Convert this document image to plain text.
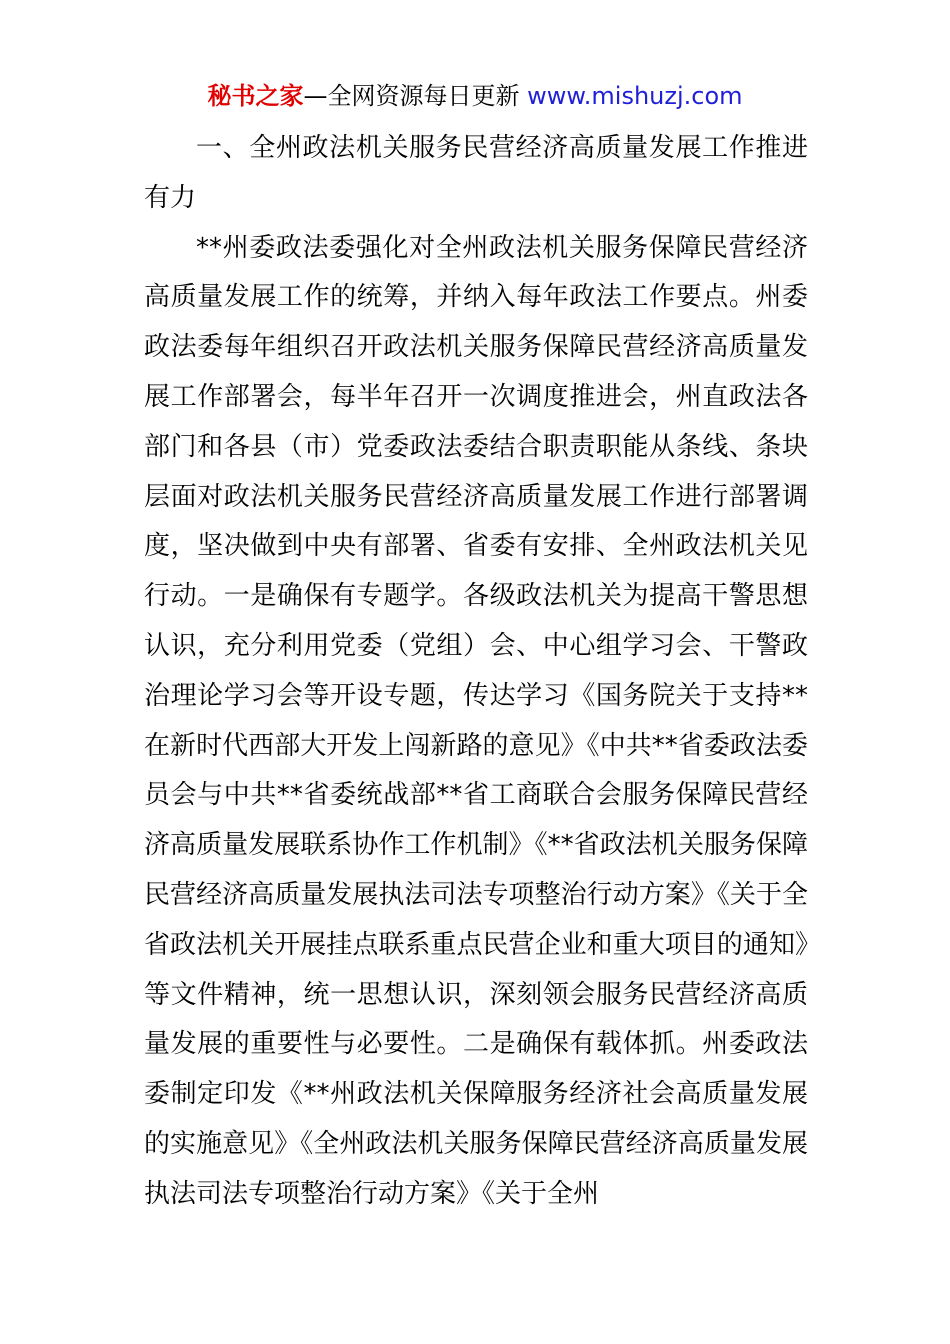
秘书之家—全网资源每日更新 www.mishuzj.com

一、全州政法机关服务民营经济高质量发展工作推进有力

**州委政法委强化对全州政法机关服务保障民营经济高质量发展工作的统筹，并纳入每年政法工作要点。州委政法委每年组织召开政法机关服务保障民营经济高质量发展工作部署会，每半年召开一次调度推进会，州直政法各部门和各县（市）党委政法委结合职责职能从条线、条块层面对政法机关服务民营经济高质量发展工作进行部署调度，坚决做到中央有部署、省委有安排、全州政法机关见行动。一是确保有专题学。各级政法机关为提高干警思想认识，充分利用党委（党组）会、中心组学习会、干警政治理论学习会等开设专题，传达学习《国务院关于支持**在新时代西部大开发上闯新路的意见》《中共**省委政法委员会与中共**省委统战部**省工商联合会服务保障民营经济高质量发展联系协作工作机制》《**省政法机关服务保障民营经济高质量发展执法司法专项整治行动方案》《关于全省政法机关开展挂点联系重点民营企业和重大项目的通知》等文件精神，统一思想认识，深刻领会服务民营经济高质量发展的重要性与必要性。二是确保有载体抓。州委政法委制定印发《**州政法机关保障服务经济社会高质量发展的实施意见》《全州政法机关服务保障民营经济高质量发展执法司法专项整治行动方案》《关于全州
